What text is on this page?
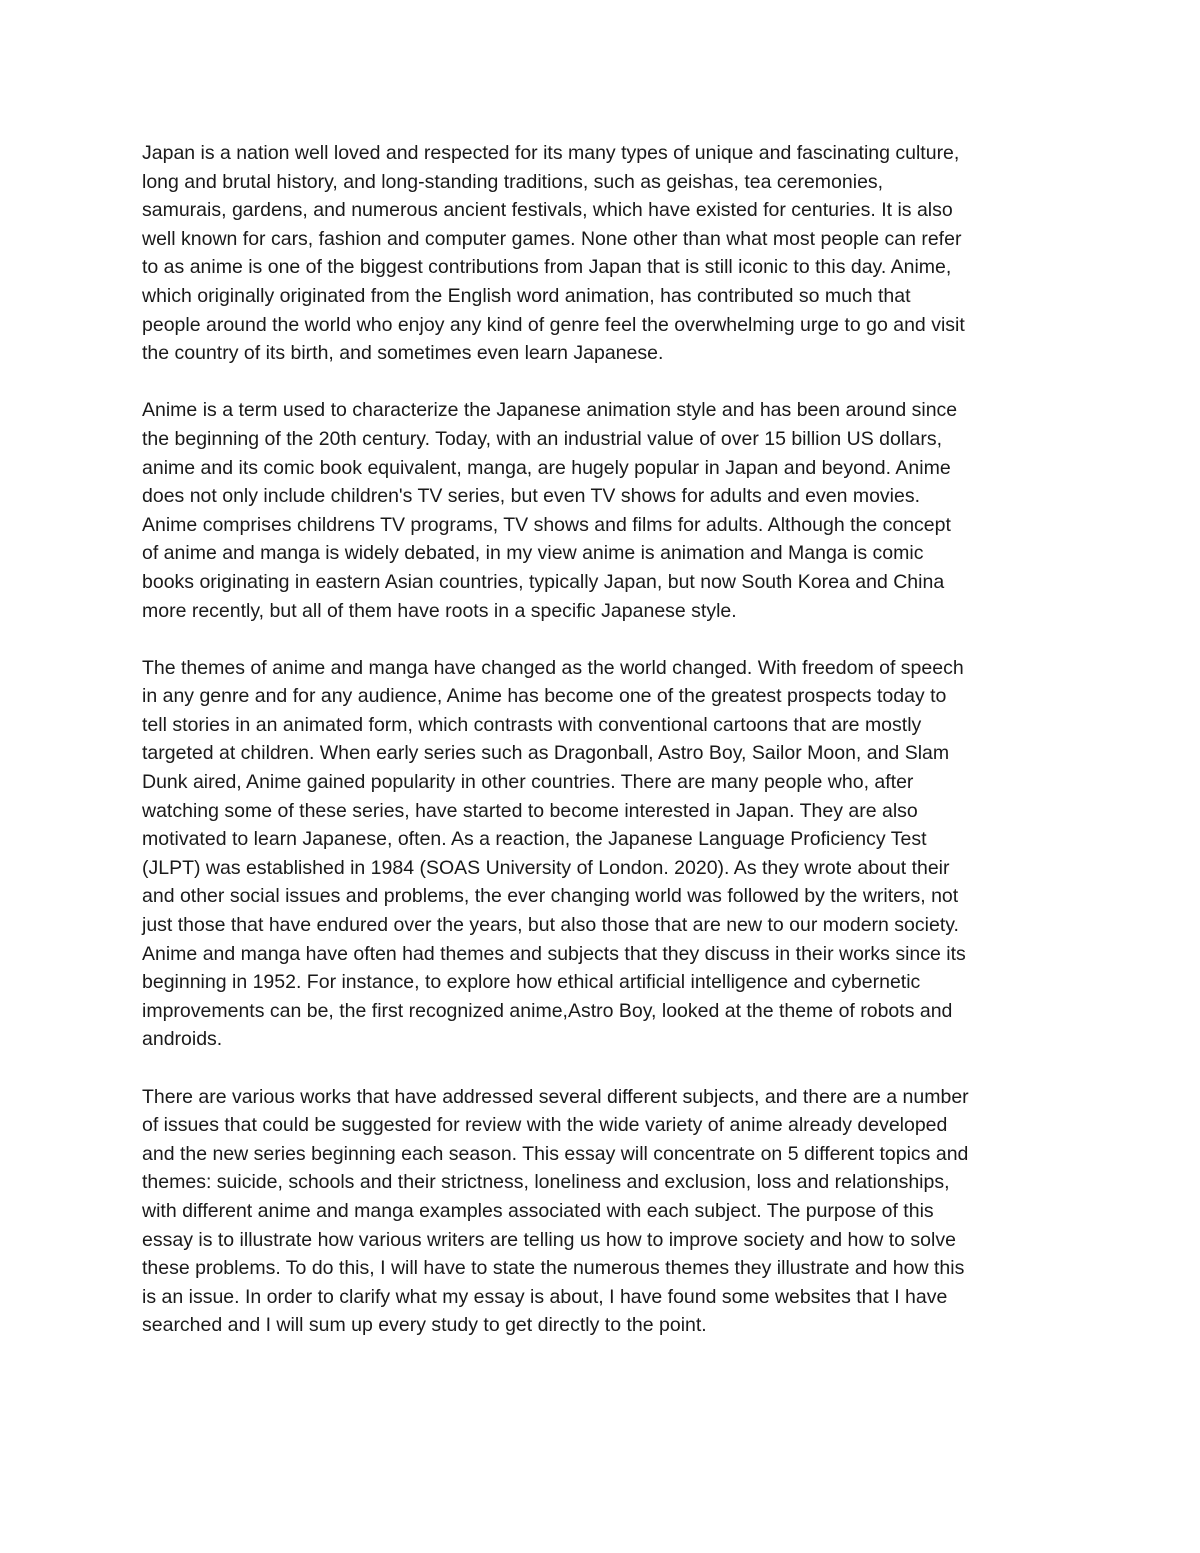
Japan is a nation well loved and respected for its many types of unique and fascinating culture,
long and brutal history, and long-standing traditions, such as geishas, tea ceremonies,
samurais, gardens, and numerous ancient festivals, which have existed for centuries. It is also
well known for cars, fashion and computer games. None other than what most people can refer
to as anime is one of the biggest contributions from Japan that is still iconic to this day. Anime,
which originally originated from the English word animation, has contributed so much that
people around the world who enjoy any kind of genre feel the overwhelming urge to go and visit
the country of its birth, and sometimes even learn Japanese.

Anime is a term used to characterize the Japanese animation style and has been around since
the beginning of the 20th century. Today, with an industrial value of over 15 billion US dollars,
anime and its comic book equivalent, manga, are hugely popular in Japan and beyond. Anime
does not only include children's TV series, but even TV shows for adults and even movies.
Anime comprises childrens TV programs, TV shows and films for adults. Although the concept
of anime and manga is widely debated, in my view anime is animation and Manga is comic
books originating in eastern Asian countries, typically Japan, but now South Korea and China
more recently, but all of them have roots in a specific Japanese style.

The themes of anime and manga have changed as the world changed. With freedom of speech
in any genre and for any audience, Anime has become one of the greatest prospects today to
tell stories in an animated form, which contrasts with conventional cartoons that are mostly
targeted at children. When early series such as Dragonball, Astro Boy, Sailor Moon, and Slam
Dunk aired, Anime gained popularity in other countries. There are many people who, after
watching some of these series, have started to become interested in Japan. They are also
motivated to learn Japanese, often. As a reaction, the Japanese Language Proficiency Test
(JLPT) was established in 1984 (SOAS University of London. 2020). As they wrote about their
and other social issues and problems, the ever changing world was followed by the writers, not
just those that have endured over the years, but also those that are new to our modern society.
Anime and manga have often had themes and subjects that they discuss in their works since its
beginning in 1952. For instance, to explore how ethical artificial intelligence and cybernetic
improvements can be, the first recognized anime,Astro Boy, looked at the theme of robots and
androids.

There are various works that have addressed several different subjects, and there are a number
of issues that could be suggested for review with the wide variety of anime already developed
and the new series beginning each season. This essay will concentrate on 5 different topics and
themes: suicide, schools and their strictness, loneliness and exclusion, loss and relationships,
with different anime and manga examples associated with each subject. The purpose of this
essay is to illustrate how various writers are telling us how to improve society and how to solve
these problems. To do this, I will have to state the numerous themes they illustrate and how this
is an issue. In order to clarify what my essay is about, I have found some websites that I have
searched and I will sum up every study to get directly to the point.
